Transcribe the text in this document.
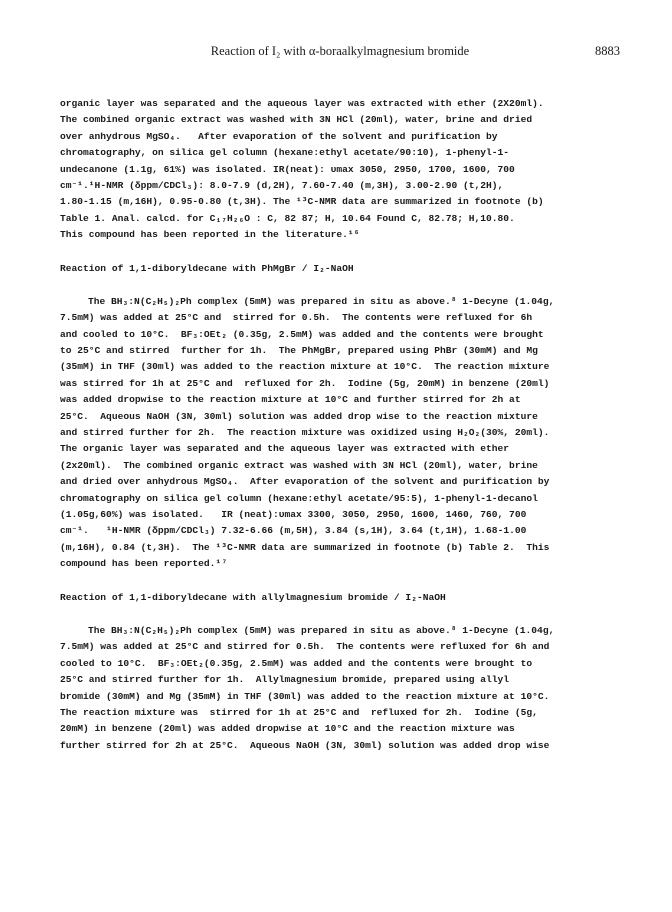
Reaction of I₂ with α-boraalkylmagnesium bromide	8883
organic layer was separated and the aqueous layer was extracted with ether (2X20ml).
The combined organic extract was washed with 3N HCl (20ml), water, brine and dried
over anhydrous MgSO₄.   After evaporation of the solvent and purification by
chromatography, on silica gel column (hexane:ethyl acetate/90:10), 1-phenyl-1-
undecanone (1.1g, 61%) was isolated. IR(neat): υmax 3050, 2950, 1700, 1600, 700
cm⁻¹.¹H-NMR (δppm/CDCl₃): 8.0-7.9 (d,2H), 7.60-7.40 (m,3H), 3.00-2.90 (t,2H),
1.80-1.15 (m,16H), 0.95-0.80 (t,3H). The ¹³C-NMR data are summarized in footnote (b)
Table 1. Anal. calcd. for C₁₇H₂₆O : C, 82 87; H, 10.64 Found C, 82.78; H,10.80.
This compound has been reported in the literature.¹⁶
Reaction of 1,1-diboryldecane with PhMgBr / I₂-NaOH
The BH₃:N(C₂H₅)₂Ph complex (5mM) was prepared in situ as above.⁸ 1-Decyne (1.04g,
7.5mM) was added at 25°C and  stirred for 0.5h.  The contents were refluxed for 6h
and cooled to 10°C.  BF₃:OEt₂ (0.35g, 2.5mM) was added and the contents were brought
to 25°C and stirred  further for 1h.  The PhMgBr, prepared using PhBr (30mM) and Mg
(35mM) in THF (30ml) was added to the reaction mixture at 10°C.  The reaction mixture
was stirred for 1h at 25°C and  refluxed for 2h.  Iodine (5g, 20mM) in benzene (20ml)
was added dropwise to the reaction mixture at 10°C and further stirred for 2h at
25°C.  Aqueous NaOH (3N, 30ml) solution was added drop wise to the reaction mixture
and stirred further for 2h.  The reaction mixture was oxidized using H₂O₂(30%, 20ml).
The organic layer was separated and the aqueous layer was extracted with ether
(2x20ml).  The combined organic extract was washed with 3N HCl (20ml), water, brine
and dried over anhydrous MgSO₄.  After evaporation of the solvent and purification by
chromatography on silica gel column (hexane:ethyl acetate/95:5), 1-phenyl-1-decanol
(1.05g,60%) was isolated.   IR (neat):υmax 3300, 3050, 2950, 1600, 1460, 760, 700
cm⁻¹.   ¹H-NMR (δppm/CDCl₃) 7.32-6.66 (m,5H), 3.84 (s,1H), 3.64 (t,1H), 1.68-1.00
(m,16H), 0.84 (t,3H).  The ¹³C-NMR data are summarized in footnote (b) Table 2.  This
compound has been reported.¹⁷
Reaction of 1,1-diboryldecane with allylmagnesium bromide / I₂-NaOH
The BH₃:N(C₂H₅)₂Ph complex (5mM) was prepared in situ as above.⁸ 1-Decyne (1.04g,
7.5mM) was added at 25°C and stirred for 0.5h.  The contents were refluxed for 6h and
cooled to 10°C.  BF₃:OEt₂(0.35g, 2.5mM) was added and the contents were brought to
25°C and stirred further for 1h.  Allylmagnesium bromide, prepared using allyl
bromide (30mM) and Mg (35mM) in THF (30ml) was added to the reaction mixture at 10°C.
The reaction mixture was  stirred for 1h at 25°C and  refluxed for 2h.  Iodine (5g,
20mM) in benzene (20ml) was added dropwise at 10°C and the reaction mixture was
further stirred for 2h at 25°C.  Aqueous NaOH (3N, 30ml) solution was added drop wise
